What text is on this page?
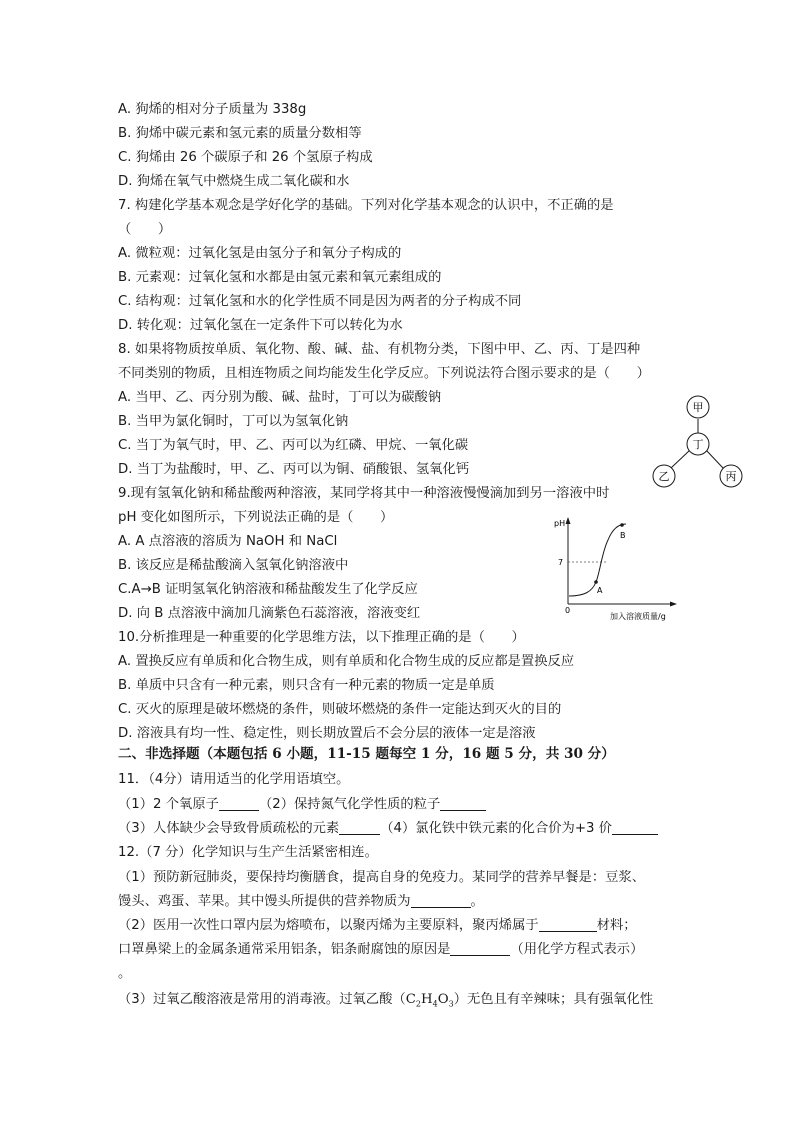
A. 狗烯的相对分子质量为 338g
B. 狗烯中碳元素和氢元素的质量分数相等
C. 狗烯由 26 个碳原子和 26 个氢原子构成
D. 狗烯在氧气中燃烧生成二氧化碳和水
7. 构建化学基本观念是学好化学的基础。下列对化学基本观念的认识中，不正确的是
（　　）
A. 微粒观：过氧化氢是由氢分子和氧分子构成的
B. 元素观：过氧化氢和水都是由氢元素和氧元素组成的
C. 结构观：过氧化氢和水的化学性质不同是因为两者的分子构成不同
D. 转化观：过氧化氢在一定条件下可以转化为水
8. 如果将物质按单质、氧化物、酸、碱、盐、有机物分类，下图中甲、乙、丙、丁是四种
不同类别的物质，且相连物质之间均能发生化学反应。下列说法符合图示要求的是（　　）
A. 当甲、乙、丙分别为酸、碱、盐时，丁可以为碳酸钠
B. 当甲为氯化铜时，丁可以为氢氧化钠
C. 当丁为氧气时，甲、乙、丙可以为红磷、甲烷、一氧化碳
D. 当丁为盐酸时，甲、乙、丙可以为铜、硝酸银、氢氧化钙
9.现有氢氧化钠和稀盐酸两种溶液，某同学将其中一种溶液慢慢滴加到另一溶液中时
pH 变化如图所示，下列说法正确的是（　　）
A. A 点溶液的溶质为 NaOH 和 NaCl
B. 该反应是稀盐酸滴入氢氧化钠溶液中
C.A→B 证明氢氧化钠溶液和稀盐酸发生了化学反应
D. 向 B 点溶液中滴加几滴紫色石蕊溶液，溶液变红
10.分析推理是一种重要的化学思维方法，以下推理正确的是（　　）
A. 置换反应有单质和化合物生成，则有单质和化合物生成的反应都是置换反应
B. 单质中只含有一种元素，则只含有一种元素的物质一定是单质
C. 灭火的原理是破坏燃烧的条件，则破坏燃烧的条件一定能达到灭火的目的
D. 溶液具有均一性、稳定性，则长期放置后不会分层的液体一定是溶液
二、非选择题（本题包括 6 小题，11-15 题每空 1 分，16 题 5 分，共 30 分）
11．（4分）请用适当的化学用语填空。
（1）2 个氧原子	（2）保持氮气化学性质的粒子
（3）人体缺少会导致骨质疏松的元素	（4）氯化铁中铁元素的化合价为+3 价
12.（7 分）化学知识与生产生活紧密相连。
（1）预防新冠肺炎，要保持均衡膳食，提高自身的免疫力。某同学的营养早餐是：豆浆、
馒头、鸡蛋、苹果。其中馒头所提供的营养物质为	。
（2）医用一次性口罩内层为熔喷布，以聚丙烯为主要原料，聚丙烯属于	材料；
口罩鼻梁上的金属条通常采用铝条，铝条耐腐蚀的原因是	（用化学方程式表示）
。
（3）过氧乙酸溶液是常用的消毒液。过氧乙酸$(C_2H_4O_3)$无色且有辛辣味；具有强氧化性
甲
丁
乙	丙
pH
7
0
A
B
加入溶液质量/g
